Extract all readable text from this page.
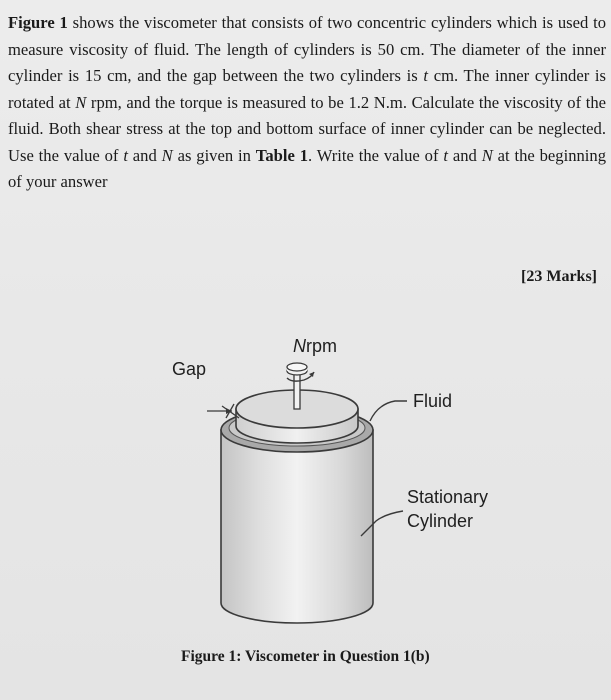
Figure 1 shows the viscometer that consists of two concentric cylinders which is used to measure viscosity of fluid. The length of cylinders is 50 cm. The diameter of the inner cylinder is 15 cm, and the gap between the two cylinders is t cm. The inner cylinder is rotated at N rpm, and the torque is measured to be 1.2 N.m. Calculate the viscosity of the fluid. Both shear stress at the top and bottom surface of inner cylinder can be neglected. Use the value of t and N as given in Table 1. Write the value of t and N at the beginning of your answer

[23 Marks]
N rpm
Gap
Fluid
Stationary
Cylinder
Figure 1: Viscometer in Question 1(b)
